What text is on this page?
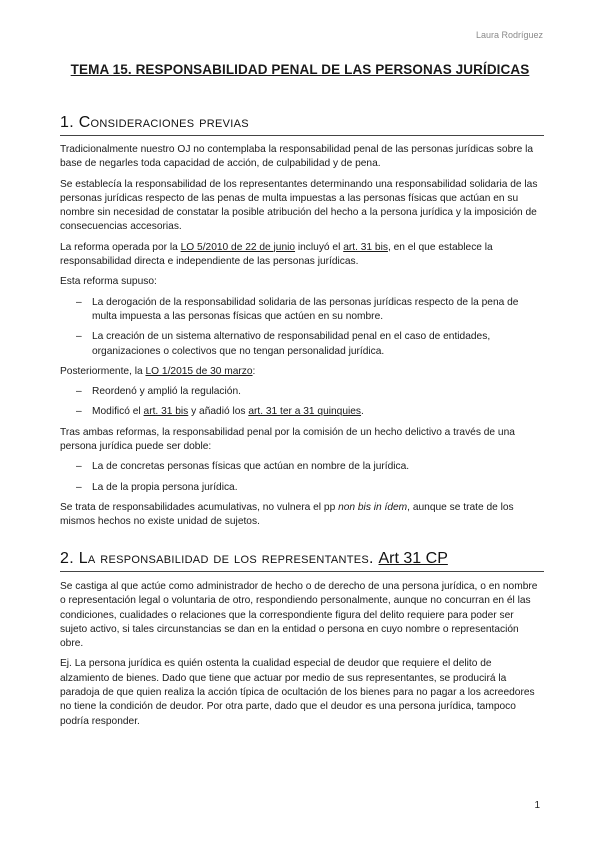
Laura Rodríguez
TEMA 15. RESPONSABILIDAD PENAL DE LAS PERSONAS JURÍDICAS
1. Consideraciones previas

Tradicionalmente nuestro OJ no contemplaba la responsabilidad penal de las personas jurídicas sobre la base de negarles toda capacidad de acción, de culpabilidad y de pena.

Se establecía la responsabilidad de los representantes determinando una responsabilidad solidaria de las personas jurídicas respecto de las penas de multa impuestas a las personas físicas que actúan en su nombre sin necesidad de constatar la posible atribución del hecho a la persona jurídica y la imposición de consecuencias accesorias.

La reforma operada por la LO 5/2010 de 22 de junio incluyó el art. 31 bis, en el que establece la responsabilidad directa e independiente de las personas jurídicas.

Esta reforma supuso:

– La derogación de la responsabilidad solidaria de las personas jurídicas respecto de la pena de multa impuesta a las personas físicas que actúen en su nombre.
– La creación de un sistema alternativo de responsabilidad penal en el caso de entidades, organizaciones o colectivos que no tengan personalidad jurídica.

Posteriormente, la LO 1/2015 de 30 marzo:

– Reordenó y amplió la regulación.
– Modificó el art. 31 bis y añadió los art. 31 ter a 31 quinquies.

Tras ambas reformas, la responsabilidad penal por la comisión de un hecho delictivo a través de una persona jurídica puede ser doble:

– La de concretas personas físicas que actúan en nombre de la jurídica.
– La de la propia persona jurídica.

Se trata de responsabilidades acumulativas, no vulnera el pp non bis in ídem, aunque se trate de los mismos hechos no existe unidad de sujetos.

2. La responsabilidad de los representantes. Art 31 CP

Se castiga al que actúe como administrador de hecho o de derecho de una persona jurídica, o en nombre o representación legal o voluntaria de otro, respondiendo personalmente, aunque no concurran en él las condiciones, cualidades o relaciones que la correspondiente figura del delito requiere para poder ser sujeto activo, si tales circunstancias se dan en la entidad o persona en cuyo nombre o representación obre.

Ej. La persona jurídica es quién ostenta la cualidad especial de deudor que requiere el delito de alzamiento de bienes. Dado que tiene que actuar por medio de sus representantes, se producirá la paradoja de que quien realiza la acción típica de ocultación de los bienes para no pagar a los acreedores no tiene la condición de deudor. Por otra parte, dado que el deudor es una persona jurídica, tampoco podría responder.

1
